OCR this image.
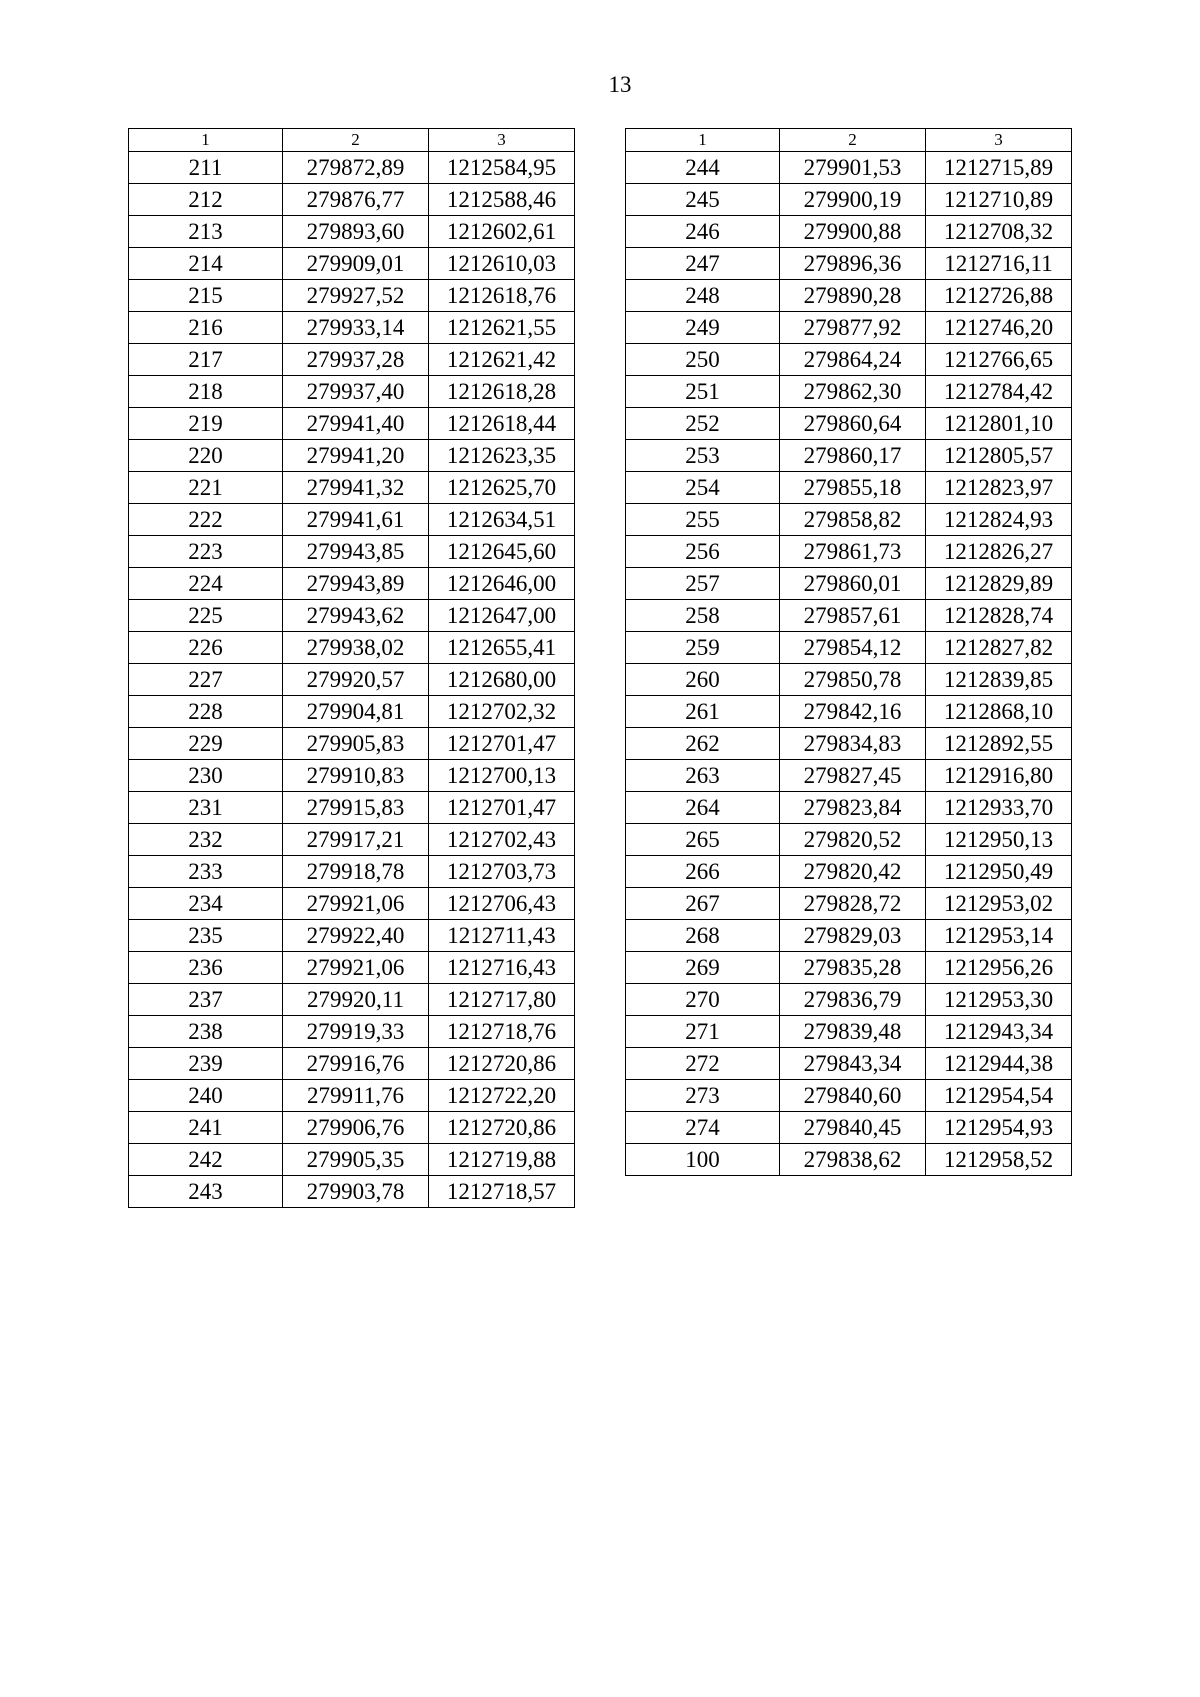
13
1	2	3
211	279872,89	1212584,95
212	279876,77	1212588,46
213	279893,60	1212602,61
214	279909,01	1212610,03
215	279927,52	1212618,76
216	279933,14	1212621,55
217	279937,28	1212621,42
218	279937,40	1212618,28
219	279941,40	1212618,44
220	279941,20	1212623,35
221	279941,32	1212625,70
222	279941,61	1212634,51
223	279943,85	1212645,60
224	279943,89	1212646,00
225	279943,62	1212647,00
226	279938,02	1212655,41
227	279920,57	1212680,00
228	279904,81	1212702,32
229	279905,83	1212701,47
230	279910,83	1212700,13
231	279915,83	1212701,47
232	279917,21	1212702,43
233	279918,78	1212703,73
234	279921,06	1212706,43
235	279922,40	1212711,43
236	279921,06	1212716,43
237	279920,11	1212717,80
238	279919,33	1212718,76
239	279916,76	1212720,86
240	279911,76	1212722,20
241	279906,76	1212720,86
242	279905,35	1212719,88
243	279903,78	1212718,57
1	2	3
244	279901,53	1212715,89
245	279900,19	1212710,89
246	279900,88	1212708,32
247	279896,36	1212716,11
248	279890,28	1212726,88
249	279877,92	1212746,20
250	279864,24	1212766,65
251	279862,30	1212784,42
252	279860,64	1212801,10
253	279860,17	1212805,57
254	279855,18	1212823,97
255	279858,82	1212824,93
256	279861,73	1212826,27
257	279860,01	1212829,89
258	279857,61	1212828,74
259	279854,12	1212827,82
260	279850,78	1212839,85
261	279842,16	1212868,10
262	279834,83	1212892,55
263	279827,45	1212916,80
264	279823,84	1212933,70
265	279820,52	1212950,13
266	279820,42	1212950,49
267	279828,72	1212953,02
268	279829,03	1212953,14
269	279835,28	1212956,26
270	279836,79	1212953,30
271	279839,48	1212943,34
272	279843,34	1212944,38
273	279840,60	1212954,54
274	279840,45	1212954,93
100	279838,62	1212958,52
